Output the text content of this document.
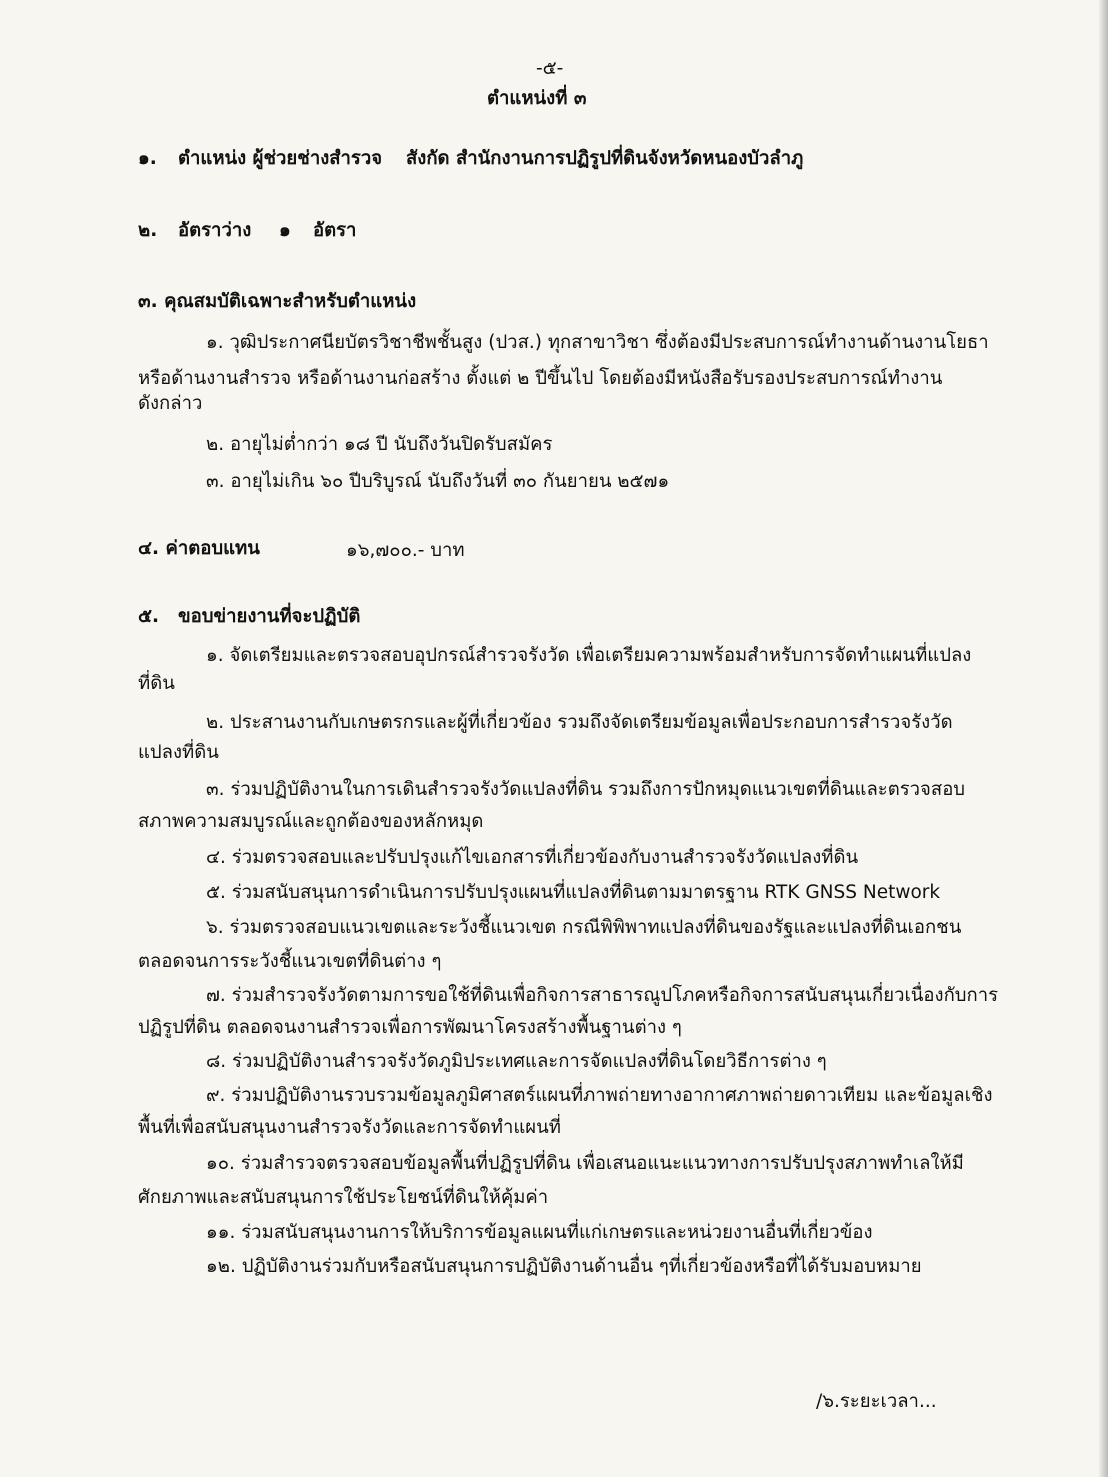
-๕-
ตำแหน่งที่ ๓
๑. ตำแหน่ง ผู้ช่วยช่างสำรวจ สังกัด สำนักงานการปฏิรูปที่ดินจังหวัดหนองบัวลำภู
๒. อัตราว่าง ๑ อัตรา
๓. คุณสมบัติเฉพาะสำหรับตำแหน่ง
๑. วุฒิประกาศนียบัตรวิชาชีพชั้นสูง (ปวส.) ทุกสาขาวิชา ซึ่งต้องมีประสบการณ์ทำงานด้านงานโยธา
หรือด้านงานสำรวจ หรือด้านงานก่อสร้าง ตั้งแต่ ๒ ปีขึ้นไป โดยต้องมีหนังสือรับรองประสบการณ์ทำงาน
ดังกล่าว
๒. อายุไม่ต่ำกว่า ๑๘ ปี นับถึงวันปิดรับสมัคร
๓. อายุไม่เกิน ๖๐ ปีบริบูรณ์ นับถึงวันที่ ๓๐ กันยายน ๒๕๗๑
๔. ค่าตอบแทน	๑๖,๗๐๐.- บาท
๕. ขอบข่ายงานที่จะปฏิบัติ
๑. จัดเตรียมและตรวจสอบอุปกรณ์สำรวจรังวัด เพื่อเตรียมความพร้อมสำหรับการจัดทำแผนที่แปลง
ที่ดิน
๒. ประสานงานกับเกษตรกรและผู้ที่เกี่ยวข้อง รวมถึงจัดเตรียมข้อมูลเพื่อประกอบการสำรวจรังวัด
แปลงที่ดิน
๓. ร่วมปฏิบัติงานในการเดินสำรวจรังวัดแปลงที่ดิน รวมถึงการปักหมุดแนวเขตที่ดินและตรวจสอบ
สภาพความสมบูรณ์และถูกต้องของหลักหมุด
๔. ร่วมตรวจสอบและปรับปรุงแก้ไขเอกสารที่เกี่ยวข้องกับงานสำรวจรังวัดแปลงที่ดิน
๕. ร่วมสนับสนุนการดำเนินการปรับปรุงแผนที่แปลงที่ดินตามมาตรฐาน RTK GNSS Network
๖. ร่วมตรวจสอบแนวเขตและระวังชี้แนวเขต กรณีพิพิพาทแปลงที่ดินของรัฐและแปลงที่ดินเอกชน
ตลอดจนการระวังชี้แนวเขตที่ดินต่าง ๆ
๗. ร่วมสำรวจรังวัดตามการขอใช้ที่ดินเพื่อกิจการสาธารณูปโภคหรือกิจการสนับสนุนเกี่ยวเนื่องกับการ
ปฏิรูปที่ดิน ตลอดจนงานสำรวจเพื่อการพัฒนาโครงสร้างพื้นฐานต่าง ๆ
๘. ร่วมปฏิบัติงานสำรวจรังวัดภูมิประเทศและการจัดแปลงที่ดินโดยวิธีการต่าง ๆ
๙. ร่วมปฏิบัติงานรวบรวมข้อมูลภูมิศาสตร์แผนที่ภาพถ่ายทางอากาศภาพถ่ายดาวเทียม และข้อมูลเชิง
พื้นที่เพื่อสนับสนุนงานสำรวจรังวัดและการจัดทำแผนที่
๑๐. ร่วมสำรวจตรวจสอบข้อมูลพื้นที่ปฏิรูปที่ดิน เพื่อเสนอแนะแนวทางการปรับปรุงสภาพทำเลให้มี
ศักยภาพและสนับสนุนการใช้ประโยชน์ที่ดินให้คุ้มค่า
๑๑. ร่วมสนับสนุนงานการให้บริการข้อมูลแผนที่แก่เกษตรและหน่วยงานอื่นที่เกี่ยวข้อง
๑๒. ปฏิบัติงานร่วมกับหรือสนับสนุนการปฏิบัติงานด้านอื่น ๆที่เกี่ยวข้องหรือที่ได้รับมอบหมาย
/๖.ระยะเวลา...
